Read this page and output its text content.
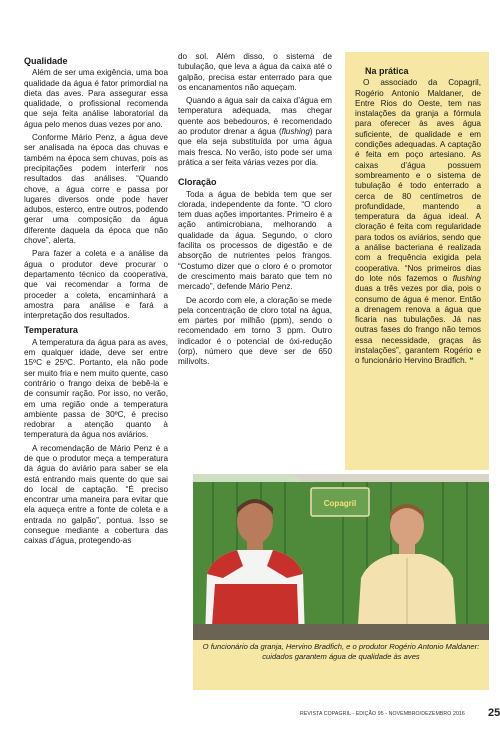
Qualidade

Além de ser uma exigência, uma boa qualidade da água é fator primordial na dieta das aves. Para assegurar essa qualidade, o profissional recomenda que seja feita análise laboratorial da água pelo menos duas vezes por ano.

Conforme Mário Penz, a água deve ser analisada na época das chuvas e também na época sem chuvas, pois as precipitações podem interferir nos resultados das análises. “Quando chove, a água corre e passa por lugares diversos onde pode haver adubos, esterco, entre outros, podendo gerar uma composição da água diferente daquela da época que não chove”, alerta.

Para fazer a coleta e a análise da água o produtor deve procurar o departamento técnico da cooperativa, que vai recomendar a forma de proceder a coleta, encaminhará a amostra para análise e fará a interpretação dos resultados.

Temperatura

A temperatura da água para as aves, em qualquer idade, deve ser entre 15ºC e 25ºC. Portanto, ela não pode ser muito fria e nem muito quente, caso contrário o frango deixa de bebê-la e de consumir ração. Por isso, no verão, em uma região onde a temperatura ambiente passa de 30ºC, é preciso redobrar a atenção quanto à temperatura da água nos aviários.

A recomendação de Mário Penz é a de que o produtor meça a temperatura da água do aviário para saber se ela está entrando mais quente do que sai do local de captação. “É preciso encontrar uma maneira para evitar que ela aqueça entre a fonte de coleta e a entrada no galpão”, pontua. Isso se consegue mediante a cobertura das caixas d’água, protegendo-as

do sol. Além disso, o sistema de tubulação, que leva a água da caixa até o galpão, precisa estar enterrado para que os encanamentos não aqueçam.

Quando a água sair da caixa d’água em temperatura adequada, mas chegar quente aos bebedouros, é recomendado ao produtor drenar a água (flushing) para que ela seja substituída por uma água mais fresca. No verão, isto pode ser uma prática a ser feita várias vezes por dia.

Cloração

Toda a água de bebida tem que ser clorada, independente da fonte. “O cloro tem duas ações importantes. Primeiro é a ação antimicrobiana, melhorando a qualidade da água. Segundo, o cloro facilita os processos de digestão e de absorção de nutrientes pelos frangos. “Costumo dizer que o cloro é o promotor de crescimento mais barato que tem no mercado”, defende Mário Penz.

De acordo com ele, a cloração se mede pela concentração de cloro total na água, em partes por milhão (ppm), sendo o recomendado em torno 3 ppm. Outro indicador é o potencial de óxi-redução (orp), número que deve ser de 650 milivolts.

Na prática

O associado da Copagril, Rogério Antonio Maldaner, de Entre Rios do Oeste, tem nas instalações da granja a fórmula para oferecer às aves água suficiente, de qualidade e em condições adequadas. A captação é feita em poço artesiano. As caixas d’água possuem sombreamento e o sistema de tubulação é todo enterrado a cerca de 80 centímetros de profundidade, mantendo a temperatura da água ideal. A cloração é feita com regularidade para todos os aviários, sendo que a análise bacteriana é realizada com a frequência exigida pela cooperativa. “Nos primeiros dias do lote nós fazemos o flushing duas a três vezes por dia, pois o consumo de água é menor. Então a drenagem renova a água que ficaria nas tubulações. Já nas outras fases do frango não temos essa necessidade, graças às instalações”, garantem Rogério e o funcionário Hervino Bradfich. ❝

Copagril
O funcionário da granja, Hervino Bradfich, e o produtor Rogério Antonio Maldaner: cuidados garantem água de qualidade às aves
REVISTA COPAGRIL - EDIÇÃO 95 - NOVEMBRO/DEZEMBRO 2016	25
